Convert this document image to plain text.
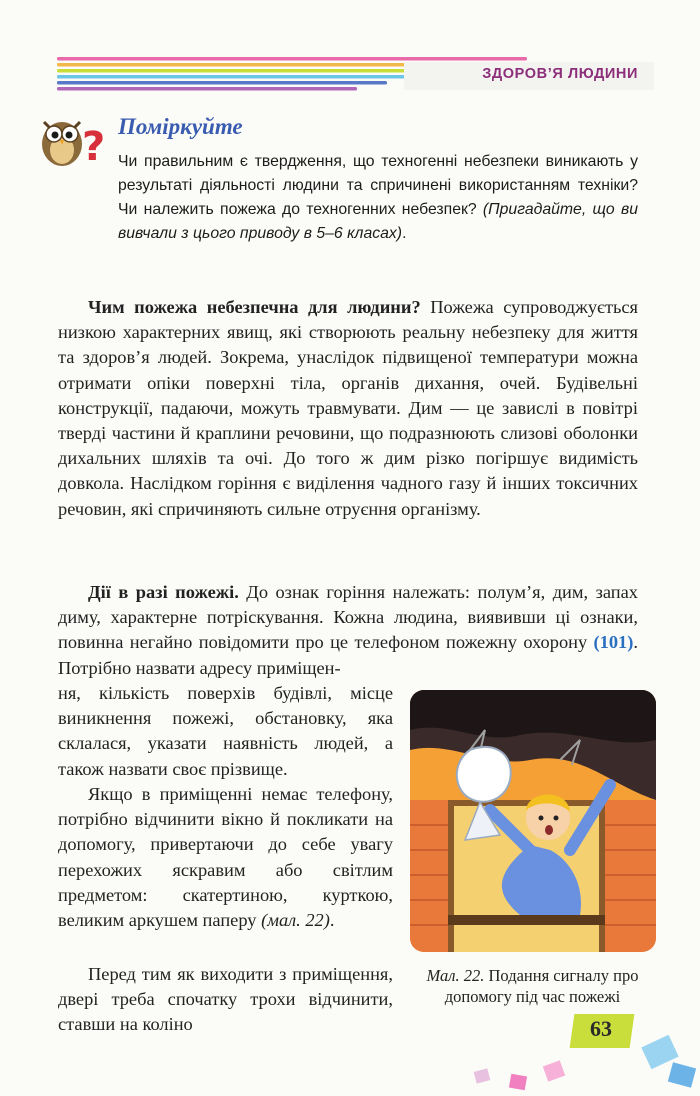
ЗДОРОВ’Я ЛЮДИНИ
? Поміркуйте
Чи правильним є твердження, що техногенні небезпеки виникають у результаті діяльності людини та спричинені використанням техніки? Чи належить пожежа до техногенних небезпек? (Пригадайте, що ви вивчали з цього приводу в 5–6 класах).

Чим пожежа небезпечна для людини? Пожежа супроводжується низкою характерних явищ, які створюють реальну небезпеку для життя та здоров’я людей. Зокрема, унаслідок підвищеної температури можна отримати опіки поверхні тіла, органів дихання, очей. Будівельні конструкції, падаючи, можуть травмувати. Дим — це завислі в повітрі тверді частини й краплини речовини, що подразнюють слизові оболонки дихальних шляхів та очі. До того ж дим різко погіршує видимість довкола. Наслідком горіння є виділення чадного газу й інших токсичних речовин, які спричиняють сильне отруєння організму.

Дії в разі пожежі. До ознак горіння належать: полум’я, дим, запах диму, характерне потріскування. Кожна людина, виявивши ці ознаки, повинна негайно повідомити про це телефоном пожежну охорону (101). Потрібно назвати адресу приміщен-

ня, кількість поверхів будівлі, місце виникнення пожежі, обстановку, яка склалася, указати наявність людей, а також назвати своє прізвище.

Якщо в приміщенні немає телефону, потрібно відчинити вікно й покликати на допомогу, привертаючи до себе увагу перехожих яскравим або світлим предметом: скатертиною, курткою, великим аркушем паперу (мал. 22).

Перед тим як виходити з приміщення, двері треба спочатку трохи відчинити, ставши на коліно

Мал. 22. Подання сигналу про допомогу під час пожежі
63
